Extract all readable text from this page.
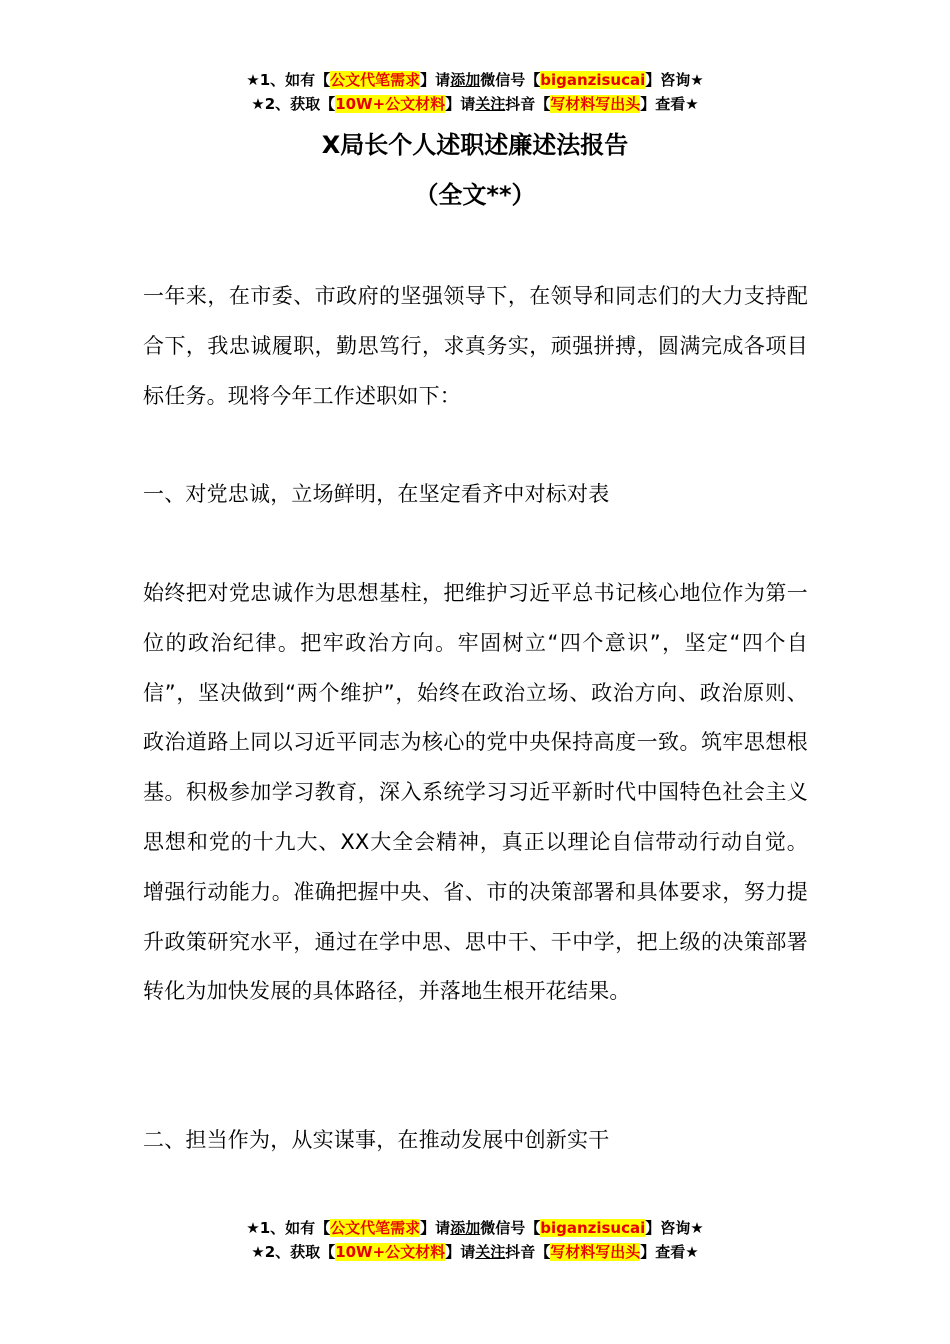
★1、如有【公文代笔需求】请添加微信号【biganzisucai】咨询★
★2、获取【10W+公文材料】请关注抖音【写材料写出头】查看★
X局长个人述职述廉述法报告
（全文**）
一年来，在市委、市政府的坚强领导下，在领导和同志们的大力支持配合下，我忠诚履职，勤思笃行，求真务实，顽强拼搏，圆满完成各项目标任务。现将今年工作述职如下：
一、对党忠诚，立场鲜明，在坚定看齐中对标对表
始终把对党忠诚作为思想基柱，把维护习近平总书记核心地位作为第一位的政治纪律。把牢政治方向。牢固树立“四个意识”，坚定“四个自信”，坚决做到“两个维护”，始终在政治立场、政治方向、政治原则、政治道路上同以习近平同志为核心的党中央保持高度一致。筑牢思想根基。积极参加学习教育，深入系统学习习近平新时代中国特色社会主义思想和党的十九大、XX大全会精神，真正以理论自信带动行动自觉。增强行动能力。准确把握中央、省、市的决策部署和具体要求，努力提升政策研究水平，通过在学中思、思中干、干中学，把上级的决策部署转化为加快发展的具体路径，并落地生根开花结果。
二、担当作为，从实谋事，在推动发展中创新实干
★1、如有【公文代笔需求】请添加微信号【biganzisucai】咨询★
★2、获取【10W+公文材料】请关注抖音【写材料写出头】查看★
